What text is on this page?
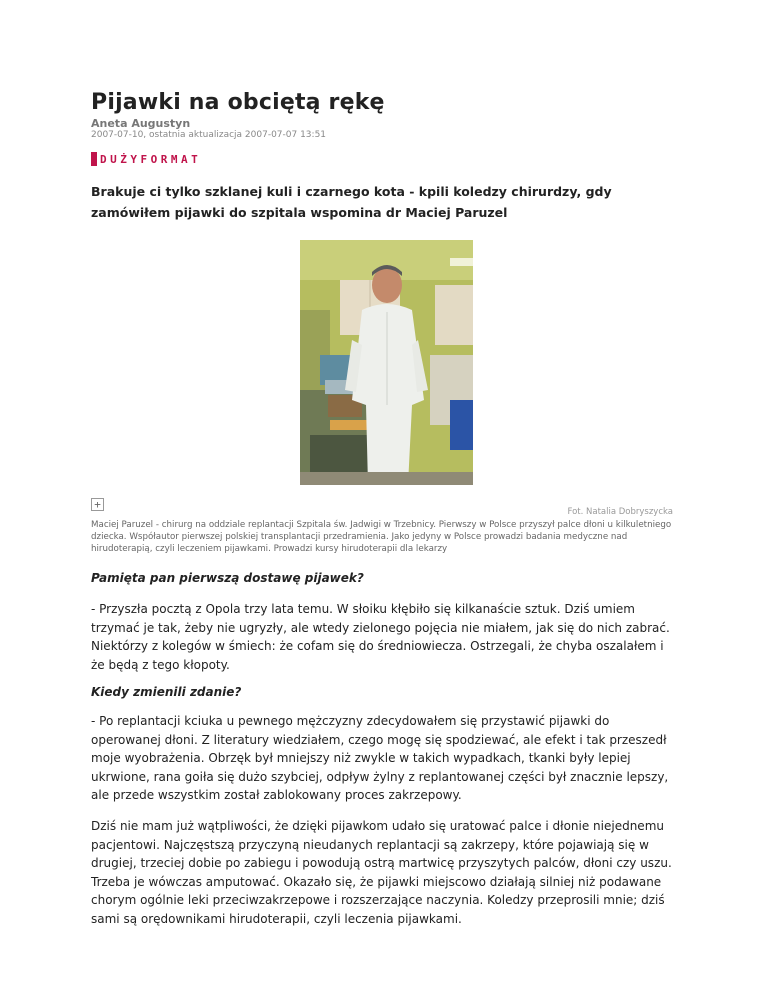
Pijawki na obciętą rękę
Aneta Augustyn
2007-07-10, ostatnia aktualizacja 2007-07-07 13:51
DUŻYFORMAT

Brakuje ci tylko szklanej kuli i czarnego kota - kpili koledzy chirurdzy, gdy zamówiłem pijawki do szpitala wspomina dr Maciej Paruzel

+
Fot. Natalia Dobryszycka

Maciej Paruzel - chirurg na oddziale replantacji Szpitala św. Jadwigi w Trzebnicy. Pierwszy w Polsce przyszył palce dłoni u kilkuletniego dziecka. Współautor pierwszej polskiej transplantacji przedramienia. Jako jedyny w Polsce prowadzi badania medyczne nad hirudoterapią, czyli leczeniem pijawkami. Prowadzi kursy hirudoterapii dla lekarzy

Pamięta pan pierwszą dostawę pijawek?

- Przyszła pocztą z Opola trzy lata temu. W słoiku kłębiło się kilkanaście sztuk. Dziś umiem trzymać je tak, żeby nie ugryzły, ale wtedy zielonego pojęcia nie miałem, jak się do nich zabrać. Niektórzy z kolegów w śmiech: że cofam się do średniowiecza. Ostrzegali, że chyba oszalałem i że będą z tego kłopoty.

Kiedy zmienili zdanie?

- Po replantacji kciuka u pewnego mężczyzny zdecydowałem się przystawić pijawki do operowanej dłoni. Z literatury wiedziałem, czego mogę się spodziewać, ale efekt i tak przeszedł moje wyobrażenia. Obrzęk był mniejszy niż zwykle w takich wypadkach, tkanki były lepiej ukrwione, rana goiła się dużo szybciej, odpływ żylny z replantowanej części był znacznie lepszy, ale przede wszystkim został zablokowany proces zakrzepowy.

Dziś nie mam już wątpliwości, że dzięki pijawkom udało się uratować palce i dłonie niejednemu pacjentowi. Najczęstszą przyczyną nieudanych replantacji są zakrzepy, które pojawiają się w drugiej, trzeciej dobie po zabiegu i powodują ostrą martwicę przyszytych palców, dłoni czy uszu. Trzeba je wówczas amputować. Okazało się, że pijawki miejscowo działają silniej niż podawane chorym ogólnie leki przeciwzakrzepowe i rozszerzające naczynia. Koledzy przeprosili mnie; dziś sami są orędownikami hirudoterapii, czyli leczenia pijawkami.
